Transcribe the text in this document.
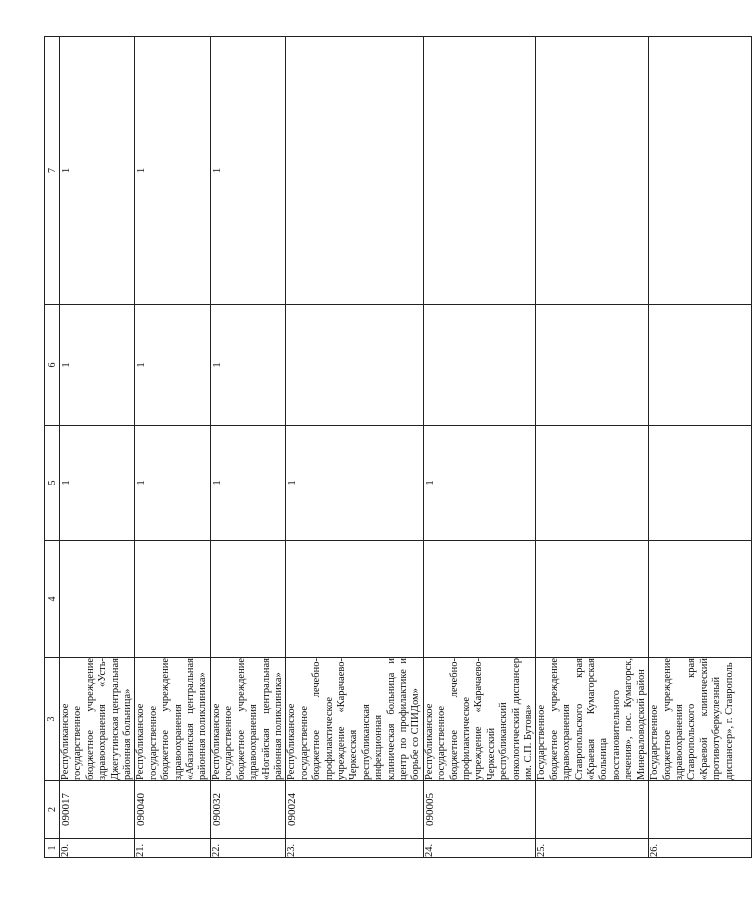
1	2	3	4	5	6	7
20.	090017	Республиканское государственное бюджетное учреждение здравоохранения «Усть-Джегутинская центральная районная больница»		1	1	1
21.	090040	Республиканское государственное бюджетное учреждение здравоохранения «Абазинская центральная районная поликлиника»		1	1	1
22.	090032	Республиканское государственное бюджетное учреждение здравоохранения «Ногайская центральная районная поликлиника»		1	1	1
23.	090024	Республиканское государственное бюджетное лечебно-профилактическое учреждение «Карачаево-Черкесская республиканская инфекционная клиническая больница и центр по профилактике и борьбе со СПИДом»		1		
24.	090005	Республиканское государственное бюджетное лечебно-профилактическое учреждение «Карачаево-Черкесский республиканский онкологический диспансер им. С.П. Бутова»		1		
25.		Государственное бюджетное учреждение здравоохранения Ставропольского края «Краевая Кумагорская больница восстановительного лечения», пос. Кумагорск, Минераловодский район				
26.		Государственное бюджетное учреждение здравоохранения Ставропольского края «Краевой клинический противотуберкулезный диспансер», г. Ставрополь				
